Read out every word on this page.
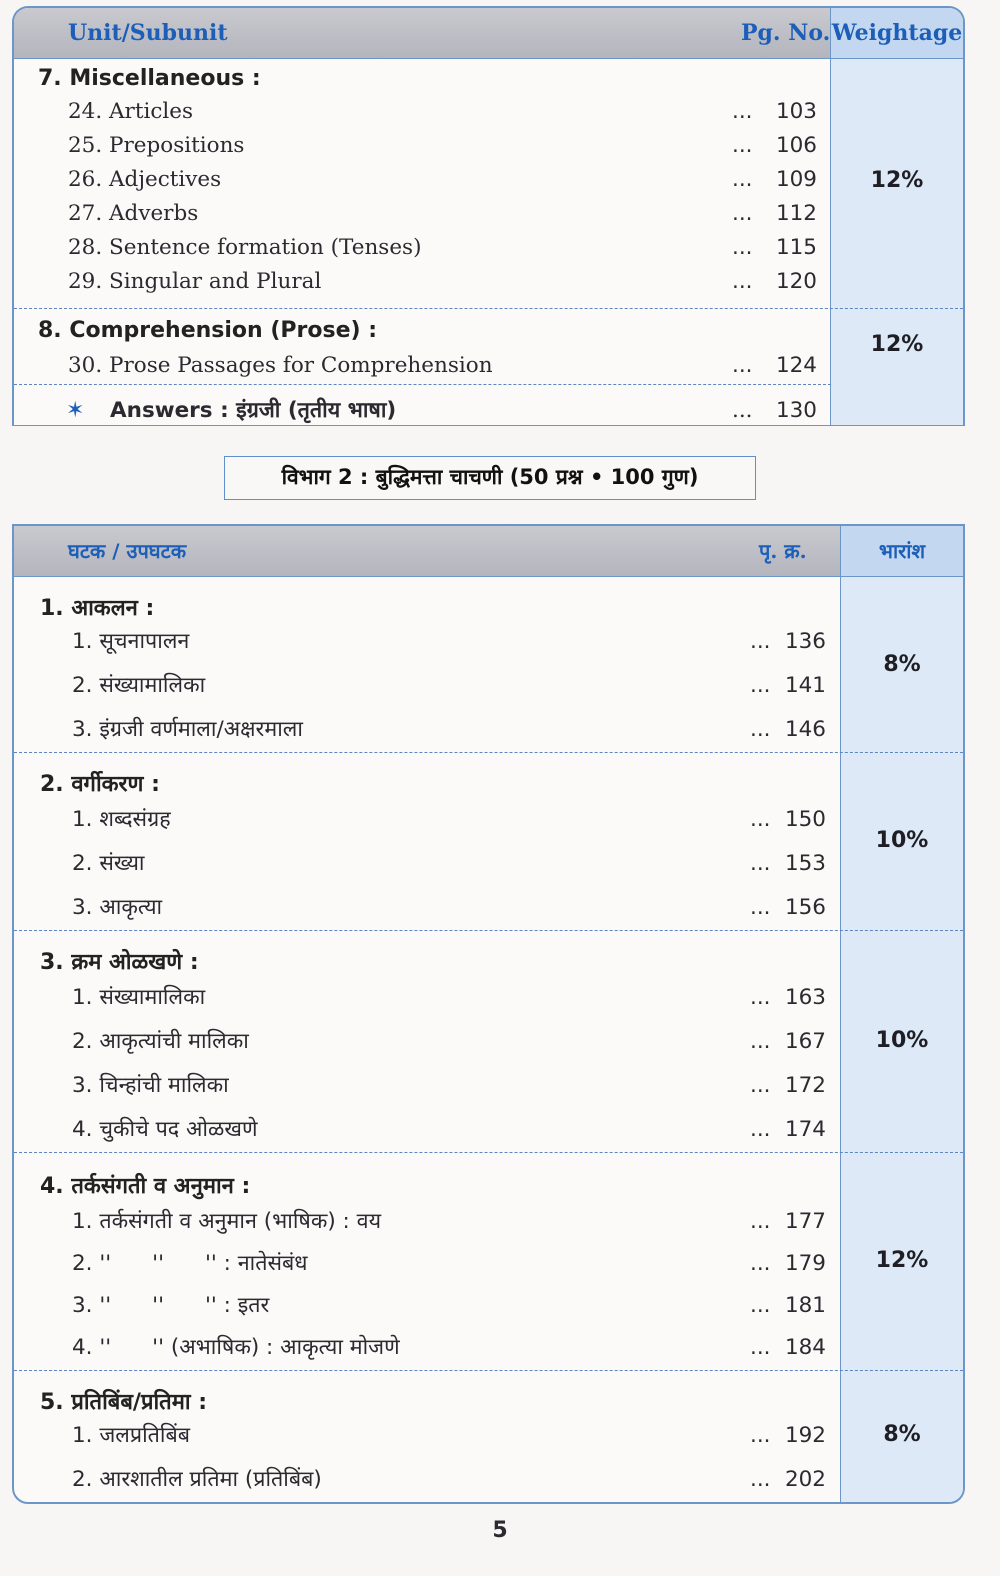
Unit/Subunit	Pg. No. Weightage
7. Miscellaneous :
24. Articles	...	103
25. Prepositions	...	106
26. Adjectives	...	109
27. Adverbs	...	112
28. Sentence formation (Tenses)	...	115
29. Singular and Plural	...	120
12%
8. Comprehension (Prose) :
30. Prose Passages for Comprehension	...	124
12%
✶ Answers : इंग्रजी (तृतीय भाषा)	...	130
विभाग 2 : बुद्धिमत्ता चाचणी (50 प्रश्न • 100 गुण)
घटक / उपघटक	पृ. क्र.	भारांश
1. आकलन :
1. सूचनापालन	... 136
2. संख्यामालिका	... 141
3. इंग्रजी वर्णमाला/अक्षरमाला	... 146
8%
2. वर्गीकरण :
1. शब्दसंग्रह	... 150
2. संख्या	... 153
3. आकृत्या	... 156
10%
3. क्रम ओळखणे :
1. संख्यामालिका	... 163
2. आकृत्यांची मालिका	... 167
3. चिन्हांची मालिका	... 172
4. चुकीचे पद ओळखणे	... 174
10%
4. तर्कसंगती व अनुमान :
1. तर्कसंगती व अनुमान (भाषिक) : वय	... 177
2. ''      ''      '' : नातेसंबंध	... 179
3. ''      ''      '' : इतर	... 181
4. ''      '' (अभाषिक) : आकृत्या मोजणे	... 184
12%
5. प्रतिबिंब/प्रतिमा :
1. जलप्रतिबिंब	... 192
2. आरशातील प्रतिमा (प्रतिबिंब)	... 202
8%
5
